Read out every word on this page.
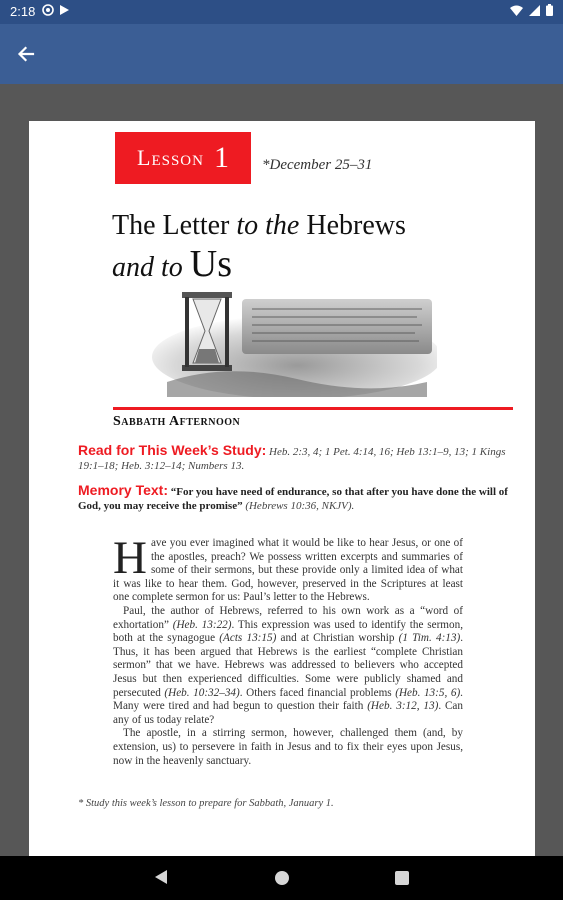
2:18
Lesson 1 *December 25–31
The Letter to the Hebrews
and to Us
Sabbath Afternoon
Read for This Week’s Study: Heb. 2:3, 4; 1 Pet. 4:14, 16; Heb 13:1–9, 13; 1 Kings 19:1–18; Heb. 3:12–14; Numbers 13.
Memory Text: “For you have need of endurance, so that after you have done the will of God, you may receive the promise” (Hebrews 10:36, NKJV).

Have you ever imagined what it would be like to hear Jesus, or one of the apostles, preach? We possess written excerpts and summaries of some of their sermons, but these provide only a limited idea of what it was like to hear them. God, however, preserved in the Scriptures at least one complete sermon for us: Paul’s letter to the Hebrews.

Paul, the author of Hebrews, referred to his own work as a “word of exhortation” (Heb. 13:22). This expression was used to identify the sermon, both at the synagogue (Acts 13:15) and at Christian worship (1 Tim. 4:13). Thus, it has been argued that Hebrews is the earliest “complete Christian sermon” that we have. Hebrews was addressed to believers who accepted Jesus but then experienced difficulties. Some were publicly shamed and persecuted (Heb. 10:32–34). Others faced financial problems (Heb. 13:5, 6). Many were tired and had begun to question their faith (Heb. 3:12, 13). Can any of us today relate?

The apostle, in a stirring sermon, however, challenged them (and, by extension, us) to persevere in faith in Jesus and to fix their eyes upon Jesus, now in the heavenly sanctuary.

* Study this week’s lesson to prepare for Sabbath, January 1.
